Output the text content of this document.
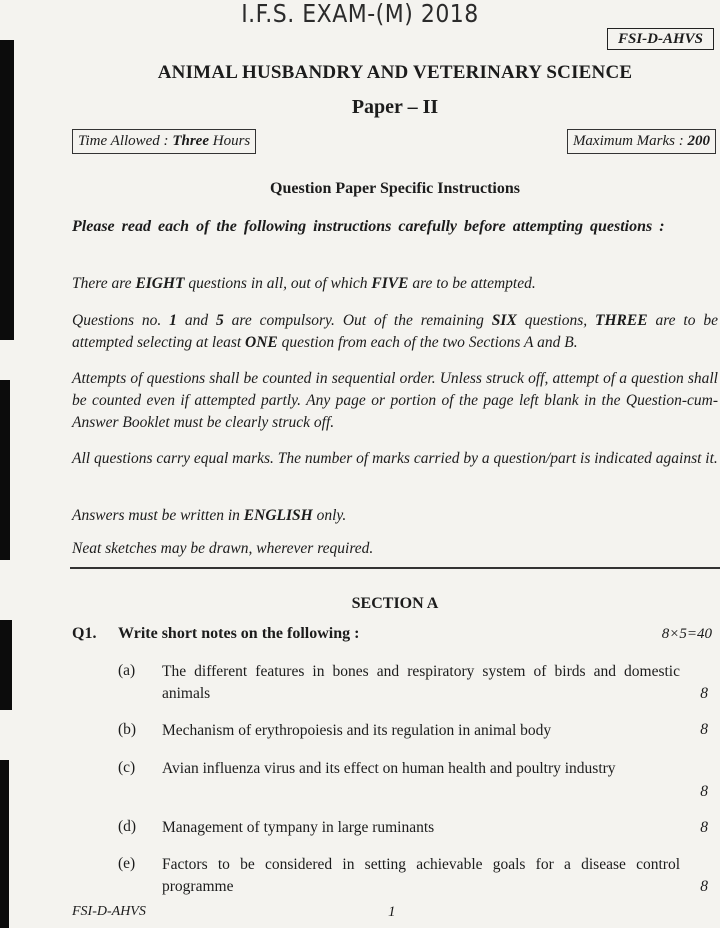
I.F.S. EXAM-(M) 2018
FSI-D-AHVS
ANIMAL HUSBANDRY AND VETERINARY SCIENCE
Paper – II
Time Allowed : Three Hours	Maximum Marks : 200
Question Paper Specific Instructions
Please read each of the following instructions carefully before attempting questions :
There are EIGHT questions in all, out of which FIVE are to be attempted.
Questions no. 1 and 5 are compulsory. Out of the remaining SIX questions, THREE are to be attempted selecting at least ONE question from each of the two Sections A and B.
Attempts of questions shall be counted in sequential order. Unless struck off, attempt of a question shall be counted even if attempted partly. Any page or portion of the page left blank in the Question-cum-Answer Booklet must be clearly struck off.
All questions carry equal marks. The number of marks carried by a question/part is indicated against it.
Answers must be written in ENGLISH only.
Neat sketches may be drawn, wherever required.
SECTION A
Q1. Write short notes on the following :	8×5=40
(a) The different features in bones and respiratory system of birds and domestic animals	8
(b) Mechanism of erythropoiesis and its regulation in animal body	8
(c) Avian influenza virus and its effect on human health and poultry industry
8
(d) Management of tympany in large ruminants	8
(e) Factors to be considered in setting achievable goals for a disease control programme	8
FSI-D-AHVS	1
